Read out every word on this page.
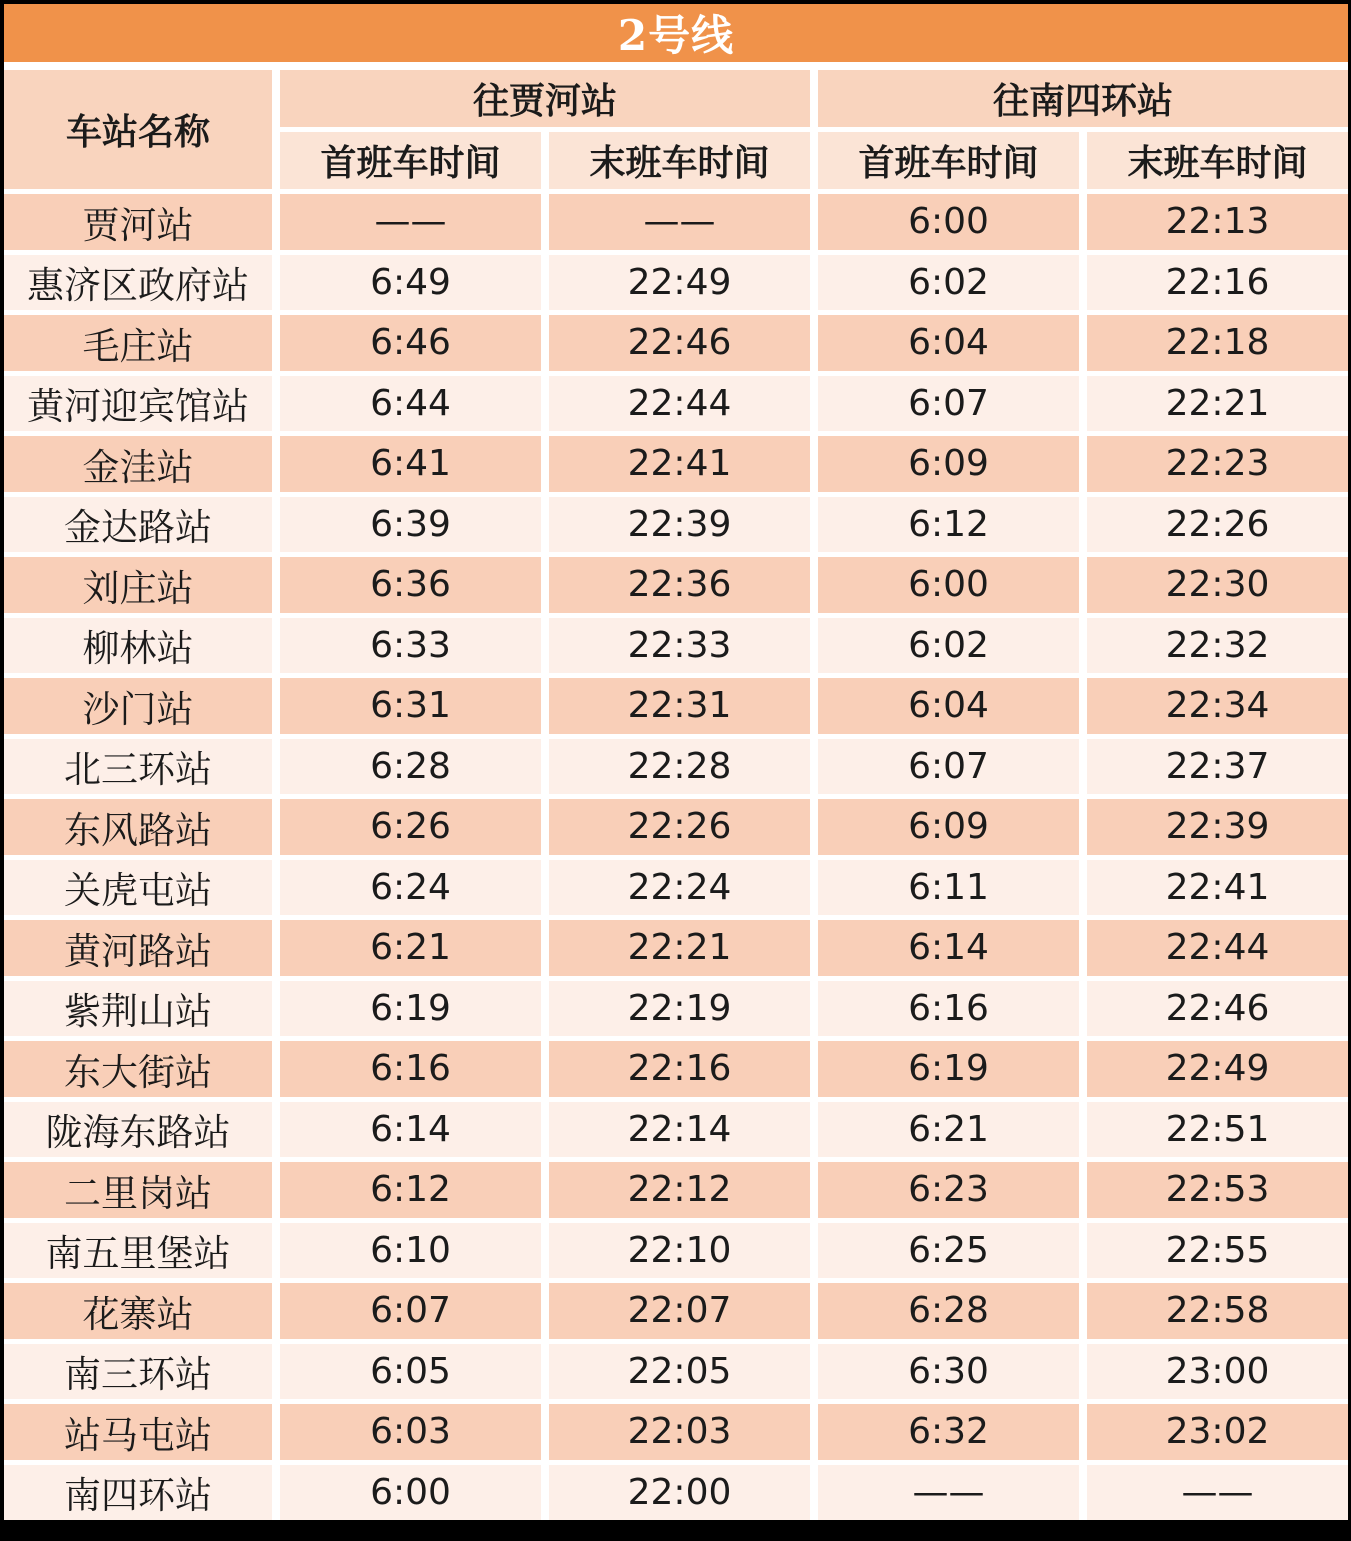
2号线
车站名称
往贾河站	往南四环站
首班车时间	末班车时间	首班车时间	末班车时间
贾河站	——	——	6:00	22:13
惠济区政府站	6:49	22:49	6:02	22:16
毛庄站	6:46	22:46	6:04	22:18
黄河迎宾馆站	6:44	22:44	6:07	22:21
金洼站	6:41	22:41	6:09	22:23
金达路站	6:39	22:39	6:12	22:26
刘庄站	6:36	22:36	6:00	22:30
柳林站	6:33	22:33	6:02	22:32
沙门站	6:31	22:31	6:04	22:34
北三环站	6:28	22:28	6:07	22:37
东风路站	6:26	22:26	6:09	22:39
关虎屯站	6:24	22:24	6:11	22:41
黄河路站	6:21	22:21	6:14	22:44
紫荆山站	6:19	22:19	6:16	22:46
东大街站	6:16	22:16	6:19	22:49
陇海东路站	6:14	22:14	6:21	22:51
二里岗站	6:12	22:12	6:23	22:53
南五里堡站	6:10	22:10	6:25	22:55
花寨站	6:07	22:07	6:28	22:58
南三环站	6:05	22:05	6:30	23:00
站马屯站	6:03	22:03	6:32	23:02
南四环站	6:00	22:00	——	——
